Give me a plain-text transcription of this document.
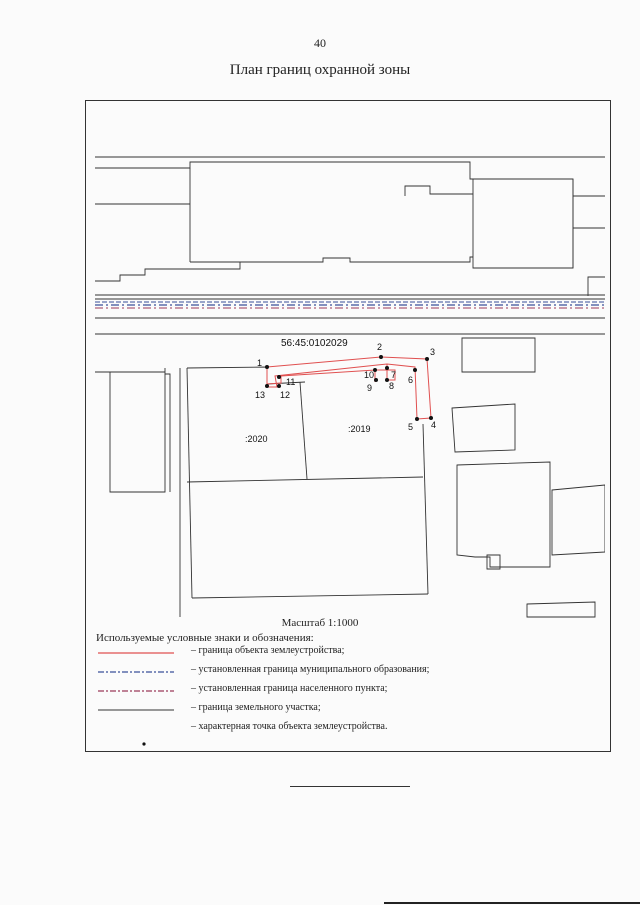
40
План границ охранной зоны
56:45:0102029
:2020
:2019
1
2	3
4
5
6
7
8
9
10
11
12
13
Масштаб 1:1000
Используемые условные знаки и обозначения:
– граница объекта землеустройства;
– установленная граница муниципального образования;
– установленная граница населенного пункта;
– граница земельного участка;
– характерная точка объекта землеустройства.
